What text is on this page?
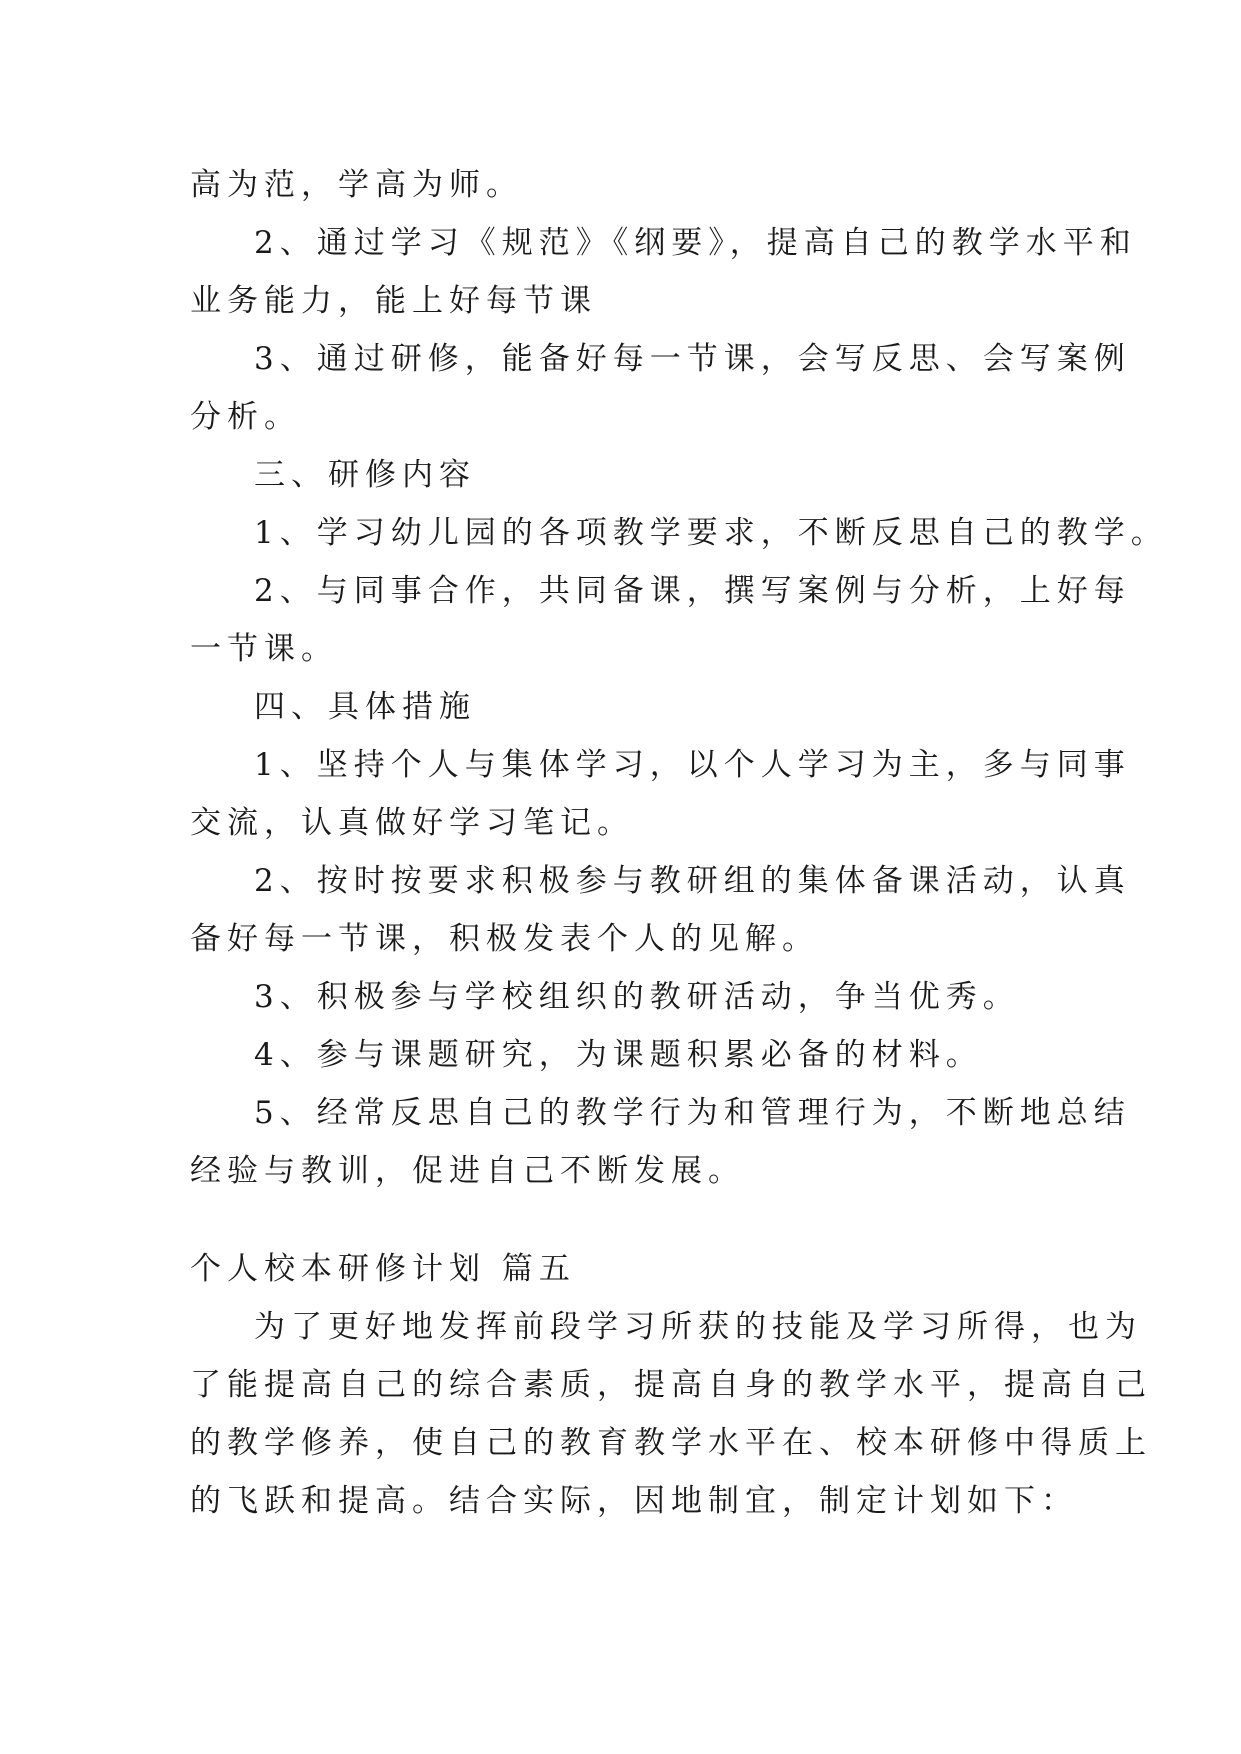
高为范，学高为师。
2、通过学习《规范》《纲要》，提高自己的教学水平和
业务能力，能上好每节课
3、通过研修，能备好每一节课，会写反思、会写案例
分析。
三、研修内容
1、学习幼儿园的各项教学要求，不断反思自己的教学。
2、与同事合作，共同备课，撰写案例与分析，上好每
一节课。
四、具体措施
1、坚持个人与集体学习，以个人学习为主，多与同事
交流，认真做好学习笔记。
2、按时按要求积极参与教研组的集体备课活动，认真
备好每一节课，积极发表个人的见解。
3、积极参与学校组织的教研活动，争当优秀。
4、参与课题研究，为课题积累必备的材料。
5、经常反思自己的教学行为和管理行为，不断地总结
经验与教训，促进自己不断发展。
个人校本研修计划 篇五
为了更好地发挥前段学习所获的技能及学习所得，也为
了能提高自己的综合素质，提高自身的教学水平，提高自己
的教学修养，使自己的教育教学水平在、校本研修中得质上
的飞跃和提高。结合实际，因地制宜，制定计划如下：
